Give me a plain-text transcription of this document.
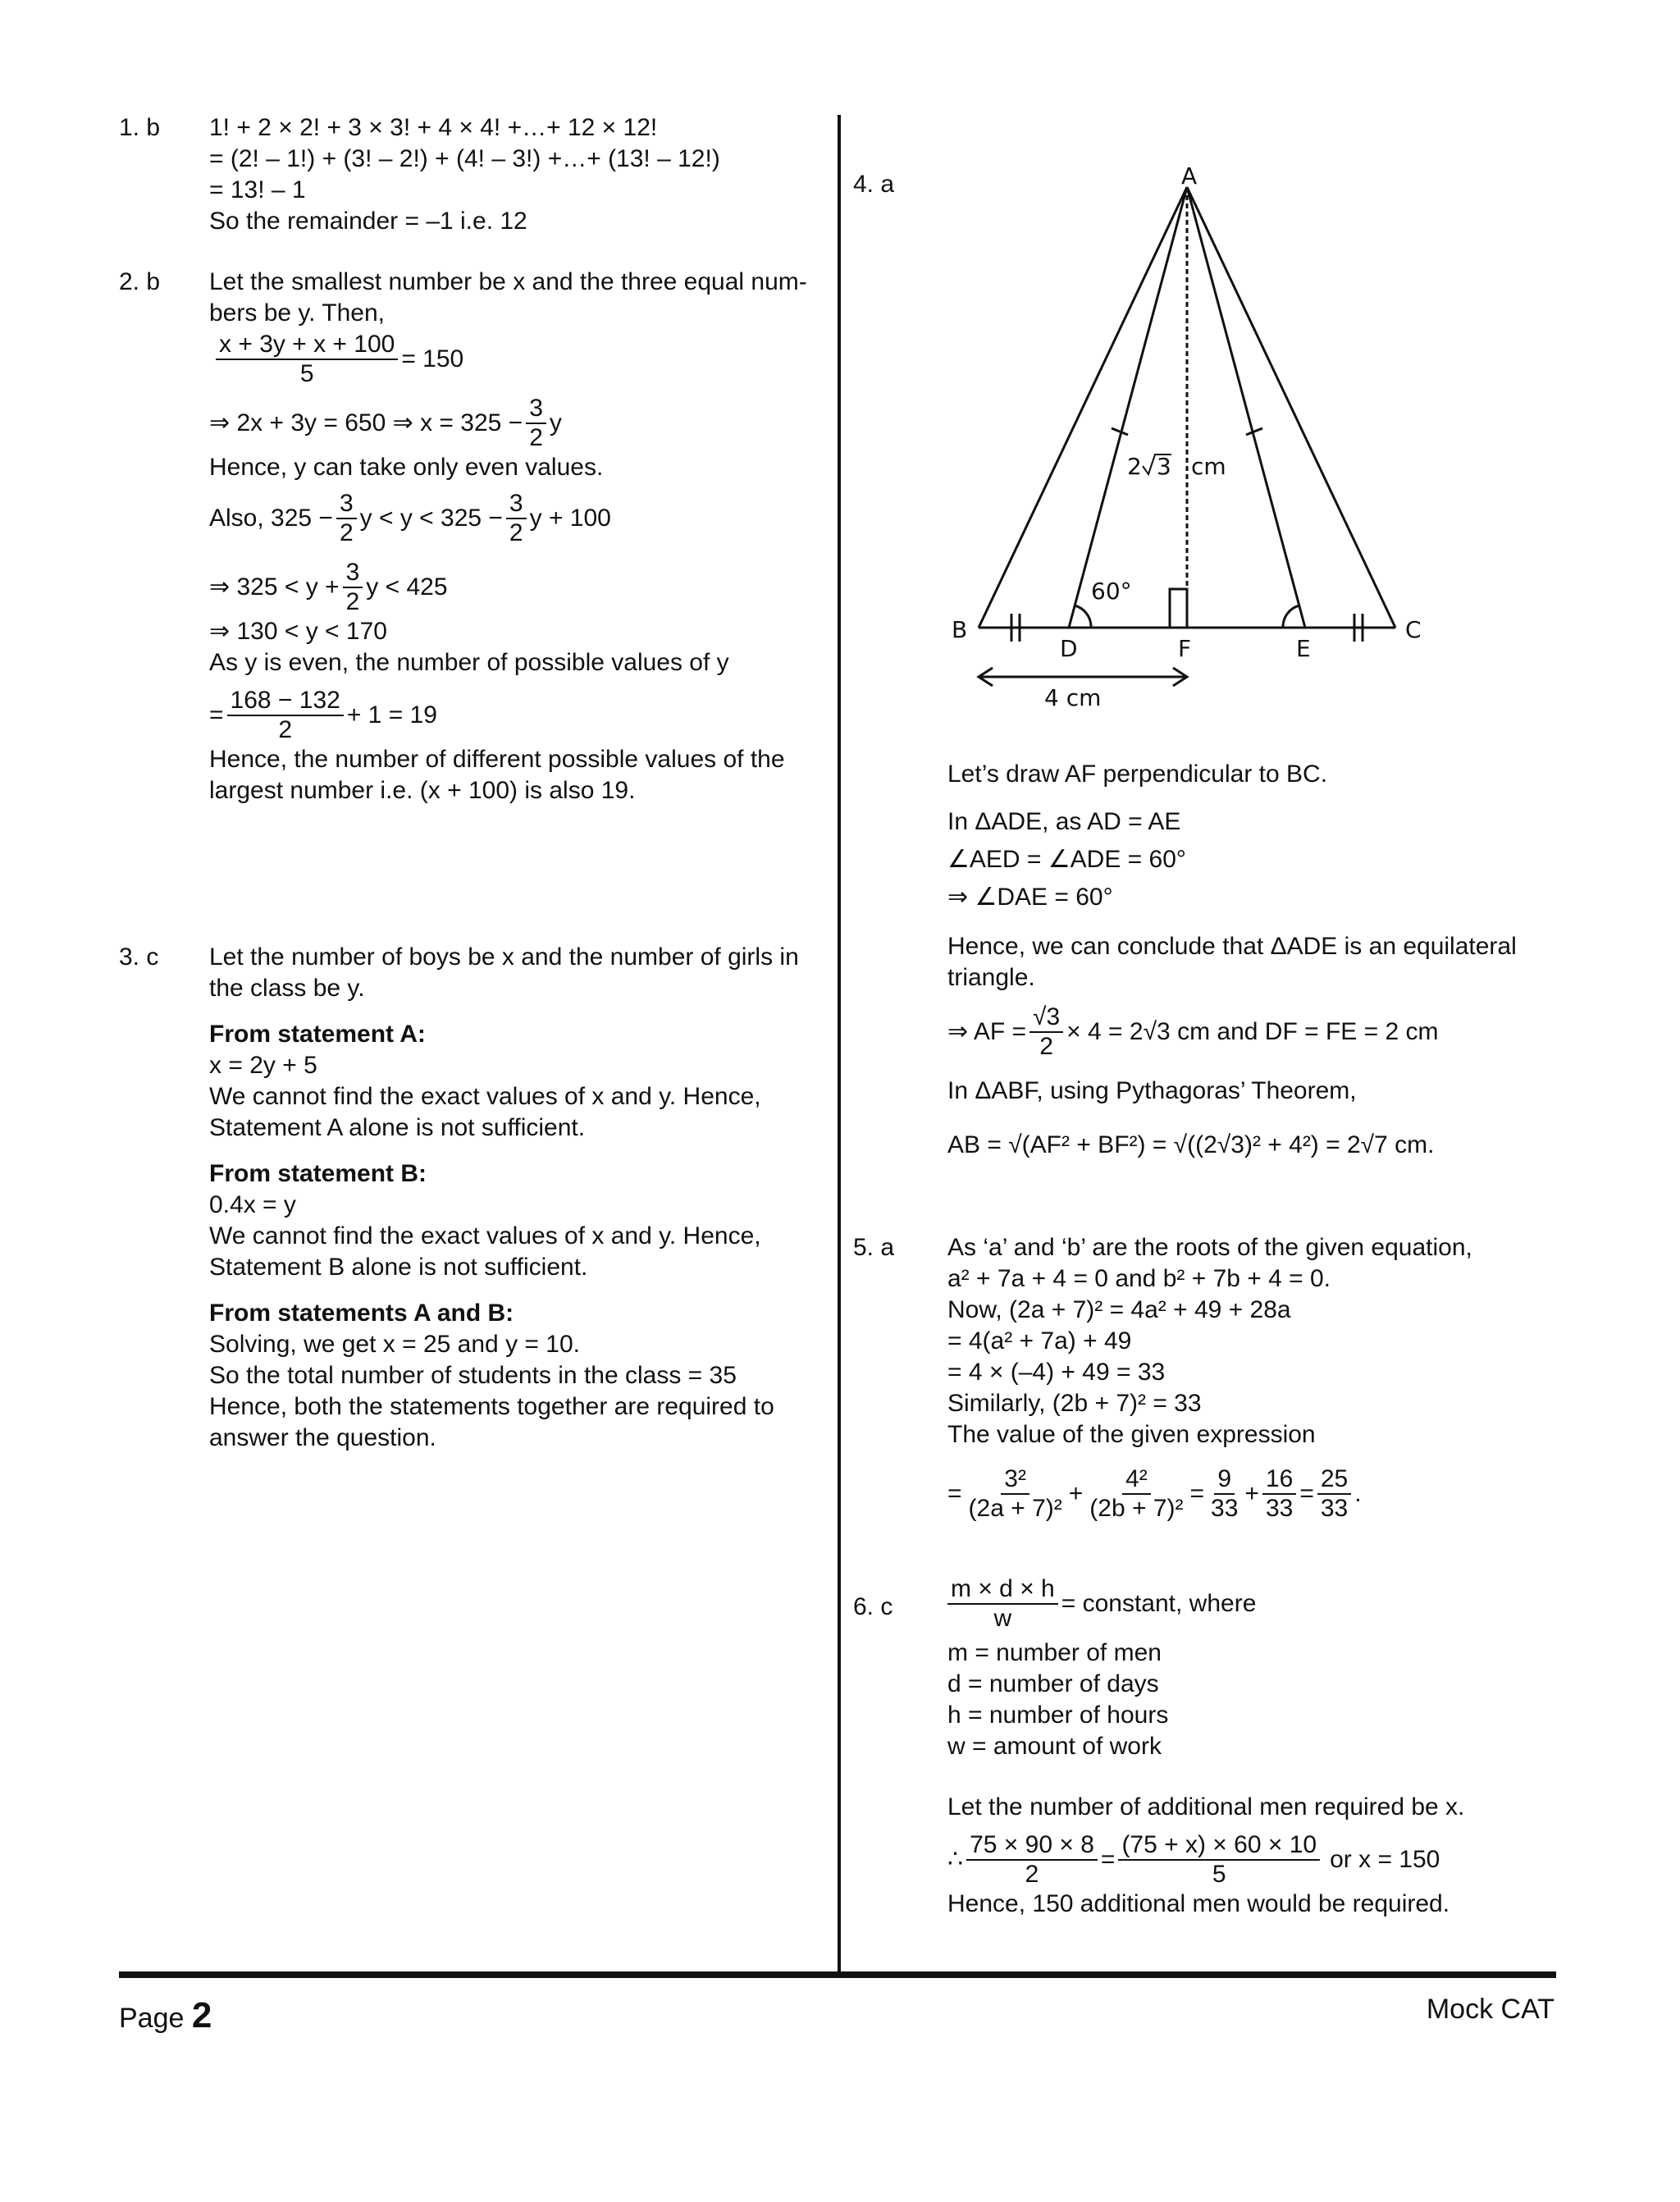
1. b 1! + 2 × 2! + 3 × 3! + 4 × 4! +…+ 12 × 12!
= (2! – 1!) + (3! – 2!) + (4! – 3!) +…+ (13! – 12!)
= 13! – 1
So the remainder = –1 i.e. 12
2. b Let the smallest number be x and the three equal num-
bers be y. Then,
$\frac{x + 3y + x + 100}{5} = 150$
⇒ 2x + 3y = 650 ⇒ $x = 325 - \frac{3}{2}$ y
Hence, y can take only even values.
Also, $325 - \frac{3}{2}$ $y < y < 325 - \frac{3}{2}$ y + 100
⇒ $325 < y + \frac{3}{2}$ y < 425
⇒ 130 < y < 170
As y is even, the number of possible values of y
= $\frac{168 - 132}{2} + 1 = 19$
Hence, the number of different possible values of the
largest number i.e. (x + 100) is also 19.
3. c Let the number of boys be x and the number of girls in
the class be y.
From statement A:
x = 2y + 5
We cannot find the exact values of x and y. Hence,
Statement A alone is not sufficient.
From statement B:
0.4x = y
We cannot find the exact values of x and y. Hence,
Statement B alone is not sufficient.
From statements A and B:
Solving, we get x = 25 and y = 10.
So the total number of students in the class = 35
Hence, both the statements together are required to
answer the question.
4. a	A
B	C
D	F	E
60°
2 3 cm
4 cm
Let’s draw AF perpendicular to BC.
In ΔADE, as AD = AE
∠AED = ∠ADE = 60°
⇒ ∠DAE = 60°
Hence, we can conclude that ΔADE is an equilateral
triangle.
⇒ AF = $\frac{√3}{2} \times 4 = 2√3$ cm and DF = FE = 2 cm
In ΔABF, using Pythagoras’ Theorem,
AB = √(AF² + BF²) = √((2√3)² + 4²) = 2√7 cm.
5. a As ‘a’ and ‘b’ are the roots of the given equation,
a² + 7a + 4 = 0 and b² + 7b + 4 = 0.
Now, (2a + 7)² = 4a² + 49 + 28a
= 4(a² + 7a) + 49
= 4 × (–4) + 49 = 33
Similarly, (2b + 7)² = 33
The value of the given expression
= $\frac{\text{3²}}{\text{(2a + 7)²}} + \frac{\text{4²}}{\text{(2b + 7)²}} = \frac{9}{33} + \frac{16}{33} = \frac{25}{33}$ .
6. c $\frac{m \times d \times h}{w}$ = constant, where
m = number of men
d = number of days
h = number of hours
w = amount of work
Let the number of additional men required be x.
∴ $\frac{75 \times 90 \times 8}{2} = \frac{(75 + x) \times 60 \times 10}{5}$ or x = 150
Hence, 150 additional men would be required.
Page 2	Mock CAT
